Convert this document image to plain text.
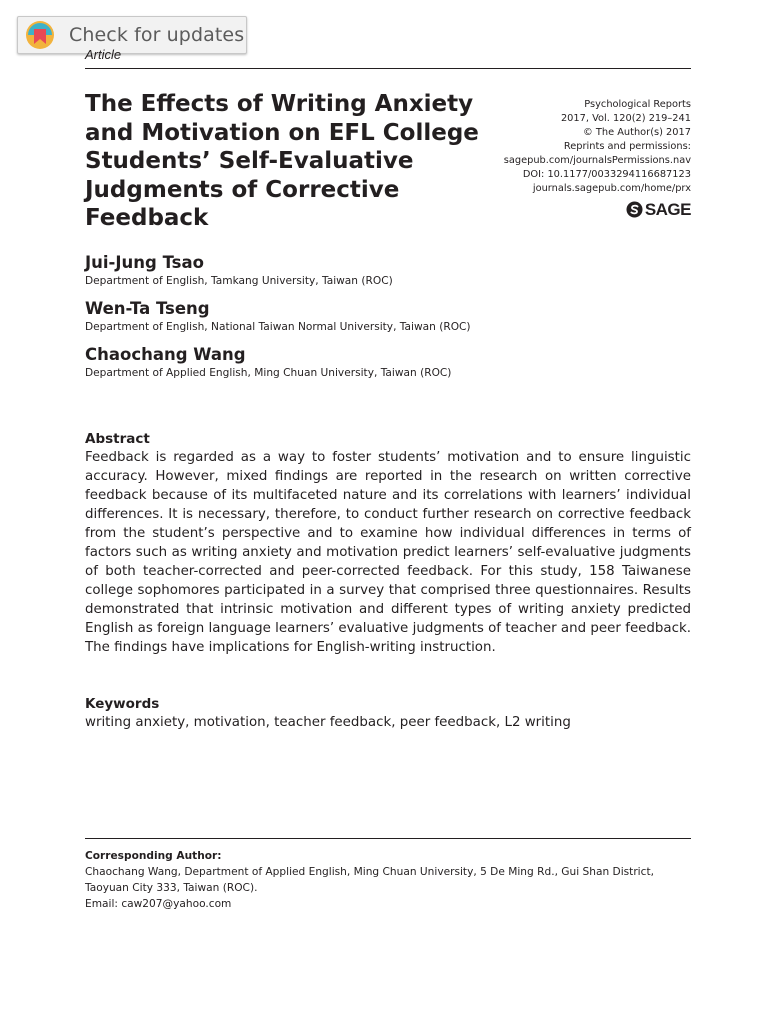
Check for updates
Article
The Effects of Writing Anxiety and Motivation on EFL College Students’ Self-Evaluative Judgments of Corrective Feedback
Psychological Reports
2017, Vol. 120(2) 219–241
© The Author(s) 2017
Reprints and permissions:
sagepub.com/journalsPermissions.nav
DOI: 10.1177/0033294116687123
journals.sagepub.com/home/prx
SAGE
Jui-Jung Tsao
Department of English, Tamkang University, Taiwan (ROC)
Wen-Ta Tseng
Department of English, National Taiwan Normal University, Taiwan (ROC)
Chaochang Wang
Department of Applied English, Ming Chuan University, Taiwan (ROC)
Abstract

Feedback is regarded as a way to foster students’ motivation and to ensure linguistic accuracy. However, mixed findings are reported in the research on written corrective feedback because of its multifaceted nature and its correlations with learners’ individual differences. It is necessary, therefore, to conduct further research on corrective feedback from the student’s perspective and to examine how individual differences in terms of factors such as writing anxiety and motivation predict learners’ self-evaluative judgments of both teacher-corrected and peer-corrected feedback. For this study, 158 Taiwanese college sophomores participated in a survey that comprised three questionnaires. Results demonstrated that intrinsic motivation and different types of writing anxiety predicted English as foreign language learners’ evaluative judgments of teacher and peer feedback. The findings have implications for English-writing instruction.

Keywords
writing anxiety, motivation, teacher feedback, peer feedback, L2 writing
Corresponding Author:
Chaochang Wang, Department of Applied English, Ming Chuan University, 5 De Ming Rd., Gui Shan District, Taoyuan City 333, Taiwan (ROC).
Email: caw207@yahoo.com
